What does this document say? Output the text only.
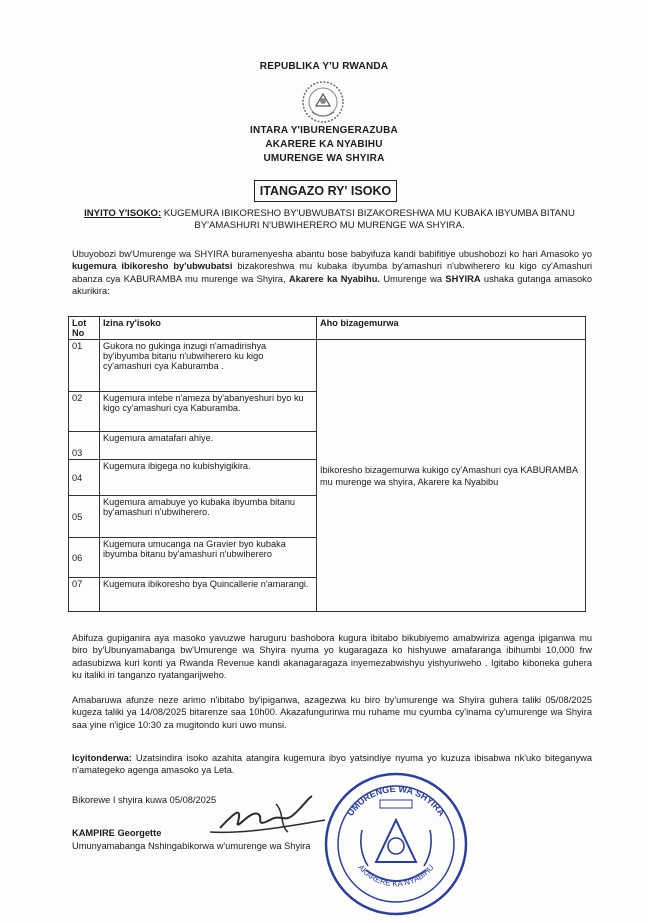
REPUBLIKA Y'U RWANDA
INTARA Y'IBURENGERAZUBA
AKARERE KA NYABIHU
UMURENGE WA SHYIRA
ITANGAZO RY' ISOKO
INYITO Y'ISOKO: KUGEMURA IBIKORESHO BY'UBWUBATSI BIZAKORESHWA MU KUBAKA IBYUMBA BITANU BY'AMASHURI N'UBWIHERERO MU MURENGE WA SHYIRA.
Ubuyobozi bw'Umurenge wa SHYIRA buramenyesha abantu bose babyifuza kandi babifitiye ubushobozi ko hari Amasoko yo kugemura ibikoresho by'ubwubatsi bizakoreshwa mu kubaka ibyumba by'amashuri n'ubwiherero ku kigo cy'Amashuri abanza cya KABURAMBA mu murenge wa Shyira, Akarere ka Nyabihu. Umurenge wa SHYIRA ushaka gutanga amasoko akurikira:
Lot No	Izina ry'isoko	Aho bizagemurwa
01	Gukora no gukinga inzugi n'amadirishya by'ibyumba bitanu n'ubwiherero ku kigo cy'amashuri cya Kaburamba .	Ibikoresho bizagemurwa kukigo cy'Amashuri cya KABURAMBA mu murenge wa shyira, Akarere ka Nyabibu
02	Kugemura intebe n'ameza by'abanyeshuri byo ku kigo cy'amashuri cya Kaburamba.	
03	Kugemura amatafari ahiye.	
04	Kugemura ibigega no kubishyigikira.	
05	Kugemura amabuye yo kubaka ibyumba bitanu by'amashuri n'ubwiherero.	
06	Kugemura umucanga na Gravier byo kubaka ibyumba bitanu by'amashuri n'ubwiherero	
07	Kugemura ibikoresho bya Quincallerie n'amarangi.	
Abifuza gupiganira aya masoko yavuzwe haruguru bashobora kugura ibitabo bikubiyemo amabwiriza agenga ipiganwa mu biro by'Ubunyamabanga bw'Umurenge wa Shyira nyuma yo kugaragaza ko hishyuwe amafaranga ibihumbi 10,000 frw adasubizwa kuri konti ya Rwanda Revenue kandi akanagaragaza inyemezabwishyu yishyuriweho . Igitabo kiboneka guhera ku italiki iri tanganzo ryatangarijweho.
Amabaruwa afunze neze arimo n'ibitabo by'ipiganwa, azagezwa ku biro by'umurenge wa Shyira guhera taliki 05/08/2025 kugeza taliki ya 14/08/2025 bitarenze saa 10h00. Akazafungurirwa mu ruhame mu cyumba cy'inama cy'umurenge wa Shyira saa yine n'igice 10:30 za mugitondo kuri uwo munsi.
Icyitonderwa: Uzatsindira isoko azahita atangira kugemura ibyo yatsindiye nyuma yo kuzuza ibisabwa nk'uko biteganywa n'amategeko agenga amasoko ya Leta.
Bikorewe I shyira kuwa 05/08/2025
KAMPIRE Georgette
Umunyamabanga Nshingabikorwa w'umurenge wa Shyira
UMURENGE WA SHYIRA
AKARERE KA NYABIHU
